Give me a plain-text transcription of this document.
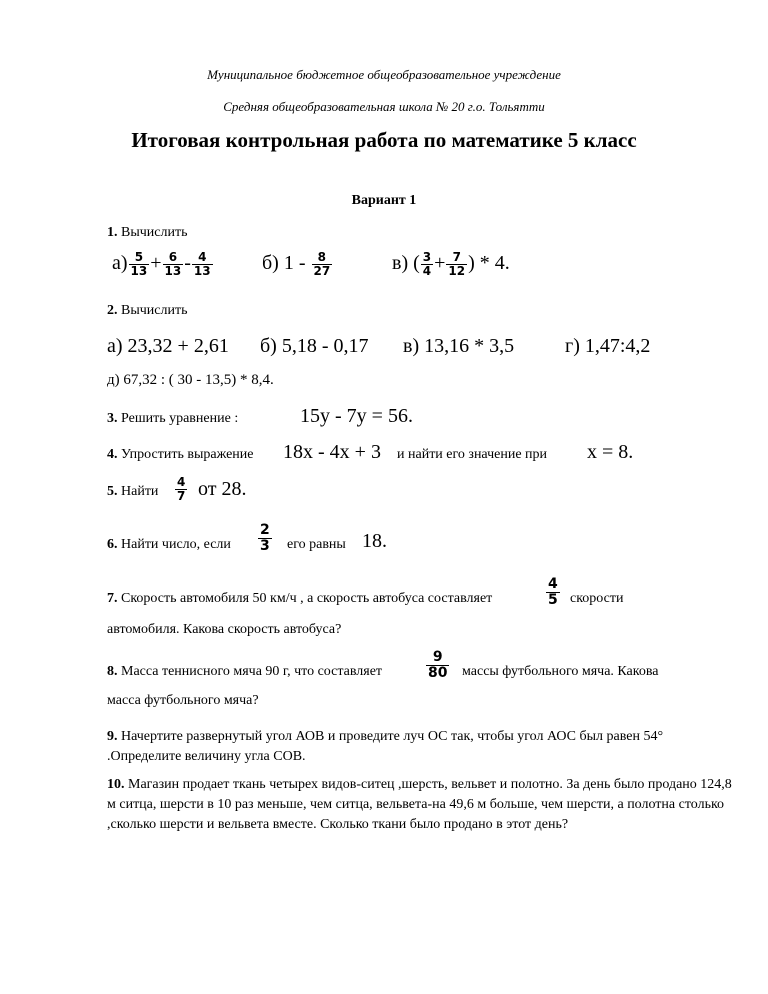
Муниципальное бюджетное общеобразовательное учреждение
Средняя общеобразовательная школа № 20 г.о. Тольятти
Итоговая контрольная работа по математике 5 класс
Вариант 1
1. Вычислить
$а) \frac{5}{13} + \frac{6}{13} - \frac{4}{13} б$) $1 - \frac{8}{27}$	в) ( $\frac{3}{4} + \frac{7}{12}$ ) * 4.
2. Вычислить
а) 23,32 + 2,61 б) 5,18 - 0,17 в) 13,16 * 3,5	г) 1,47:4,2
д) 67,32 : ( 30 - 13,5) * 8,4.
3. Решить уравнение :	15у - 7у = 56.
4. Упростить выражение 18х - 4х + 3 и найти его значение при х = 8.
5. Найти $\frac{4}{7}$ от 28.
6. Найти число, если $\frac{2}{3}$ его равны 18.
7. Скорость автомобиля 50 км/ч , а скорость автобуса составляет	$\frac{4}{5}$ скорости
автомобиля. Какова скорость автобуса?
8. Масса теннисного мяча 90 г, что составляет	$\frac{9}{80}$ массы футбольного мяча. Какова
масса футбольного мяча?
9. Начертите развернутый угол АОВ и проведите луч ОС так, чтобы угол АОС был равен 54° .Определите величину угла СОВ.
10. Магазин продает ткань четырех видов-ситец ,шерсть, вельвет и полотно. За день было продано 124,8 м ситца, шерсти в 10 раз меньше, чем ситца, вельвета-на 49,6 м больше, чем шерсти, а полотна столько ,сколько шерсти и вельвета вместе. Сколько ткани было продано в этот день?
